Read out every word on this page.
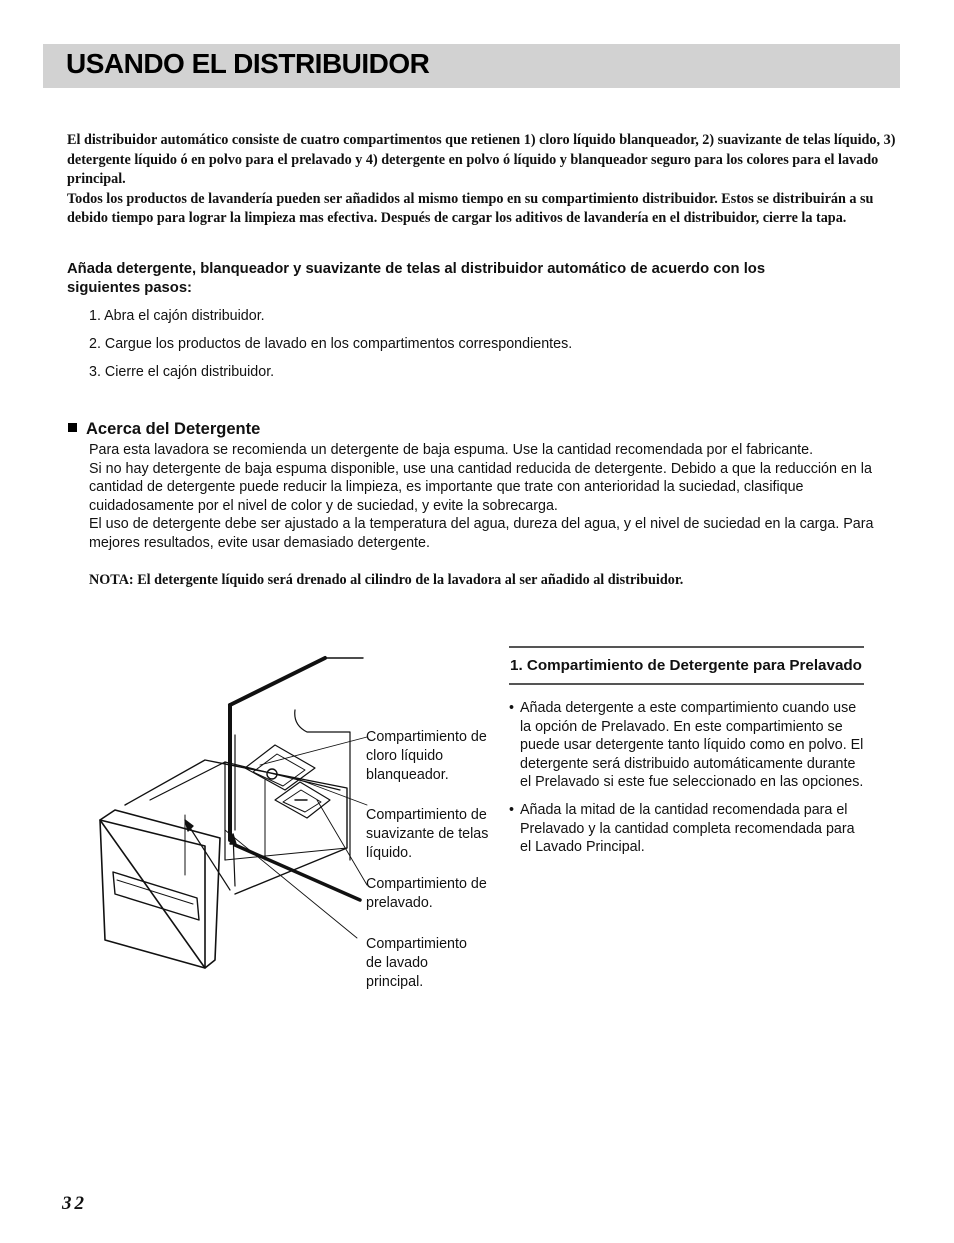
USANDO EL DISTRIBUIDOR

El distribuidor automático consiste de cuatro compartimentos que retienen 1) cloro líquido blanqueador, 2) suavizante de telas líquido, 3) detergente líquido ó en polvo para el prelavado y 4) detergente en polvo ó líquido y blanqueador seguro para los colores para el lavado principal.

Todos los productos de lavandería pueden ser añadidos al mismo tiempo en su compartimiento distribuidor. Estos se distribuirán a su debido tiempo para lograr la limpieza mas efectiva. Después de cargar los aditivos de lavandería en el distribuidor, cierre la tapa.

Añada detergente, blanqueador y suavizante de telas al distribuidor automático de acuerdo con los siguientes pasos:
1. Abra el cajón distribuidor.
2. Cargue los productos de lavado en los compartimentos correspondientes.
3. Cierre el cajón distribuidor.
Acerca del Detergente

Para esta lavadora se recomienda un detergente de baja espuma. Use la cantidad recomendada por el fabricante.

Si no hay detergente de baja espuma disponible, use una cantidad reducida de detergente. Debido a que la reducción en la cantidad de detergente puede reducir la limpieza, es importante que trate con anterioridad la suciedad, clasifique cuidadosamente por el nivel de color y de suciedad, y evite la sobrecarga.

El uso de detergente debe ser ajustado a la temperatura del agua, dureza del agua, y el nivel de suciedad en la carga. Para mejores resultados, evite usar demasiado detergente.

NOTA: El detergente líquido será drenado al cilindro de la lavadora al ser añadido al distribuidor.
Compartimiento de cloro líquido blanqueador.
Compartimiento de suavizante de telas líquido.
Compartimiento de prelavado.
Compartimiento de lavado principal.
1. Compartimiento de Detergente para Prelavado
• Añada detergente a este compartimiento cuando use la opción de Prelavado. En este compartimiento se puede usar detergente tanto líquido como en polvo. El detergente será distribuido automáticamente durante el Prelavado si este fue seleccionado en las opciones.
• Añada la mitad de la cantidad recomendada para el Prelavado y la cantidad completa recomendada para el Lavado Principal.
32
